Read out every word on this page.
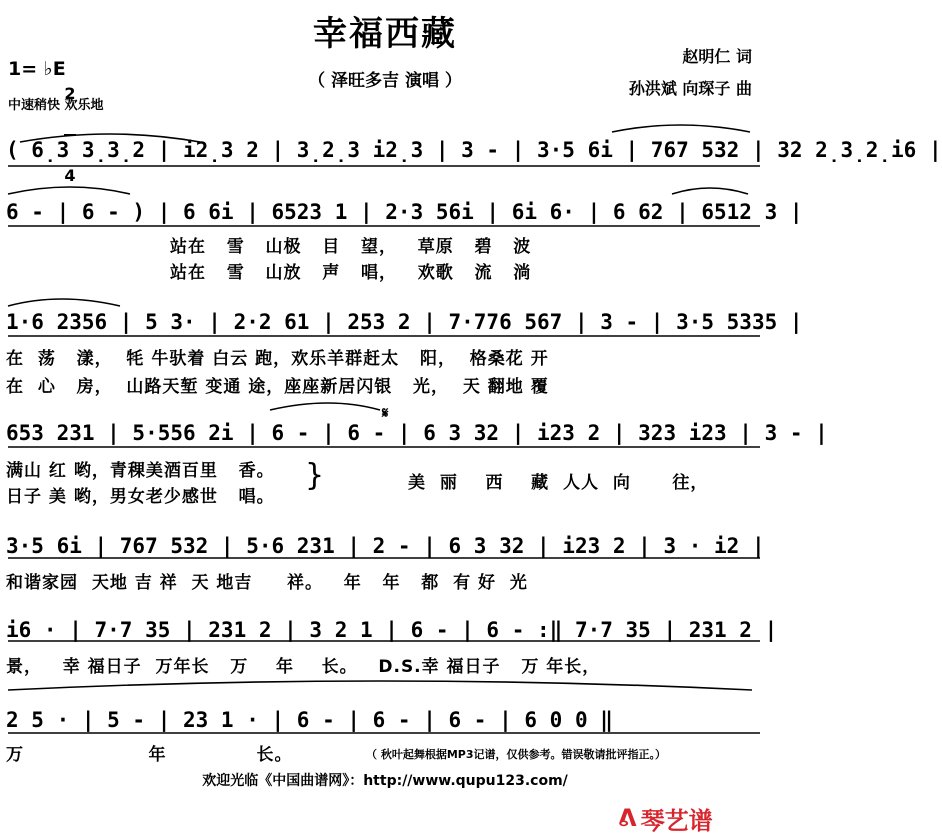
幸福西藏
（ 泽旺多吉 演唱 ）
1= ♭E

2

4

中速稍快 欢乐地
赵明仁 词
孙洪斌 向琛子 曲
( 6̣3 3̣3̣2 | i2̣3 2 | 3̣2̣3 i2̣3 | 3 - | 3·5 6i | 767 532 | 32 2̣3̣2̣i6 |
6 - | 6 - ) | 6 6i | 6523 1 | 2·3 56i | 6i 6· | 6 62 | 6512 3 |
站在   雪   山极   目   望，   草原   碧   波
站在   雪   山放   声   唱，   欢歌   流   淌
1·6 2356 | 5 3· | 2·2 61 | 253 2 | 7·776 567 | 3 - | 3·5 5335 |
在  荡   漾，  牦 牛驮着 白云 跑，欢乐羊群赶太   阳，  格桑花 开
在  心   房，  山路天堑 变通 途，座座新居闪银   光，  天 翻地 覆
𝄋
653 231 | 5·556 2i | 6 - | 6 - | 6 3 32 | i23 2 | 323 i23 | 3 - |
满山 红 哟，青稞美酒百里   香。
日子 美 哟，男女老少感世   唱。
}	美  丽    西    藏  人人  向      往，
3·5 6i | 767 532 | 5·6 231 | 2 - | 6 3 32 | i23 2 | 3 · i2 |
和谐家园  天地 吉 祥  天 地吉     祥。   年   年   都  有 好  光
i6 · | 7·7 35 | 231 2 | 3 2 1 | 6 - | 6 - :‖ 7·7 35 | 231 2 |
景，   幸 福日子  万年长   万    年    长。   D.S.幸 福日子   万 年长，
2 5 · | 5 - | 23 1 · | 6 - | 6 - | 6 - | 6 0 0 ‖
万                  年             长。	（ 秋叶起舞根据MP3记谱，仅供参考。错误敬请批评指正。）
欢迎光临《中国曲谱网》：http://www.qupu123.com/
ᕕ 琴艺谱
